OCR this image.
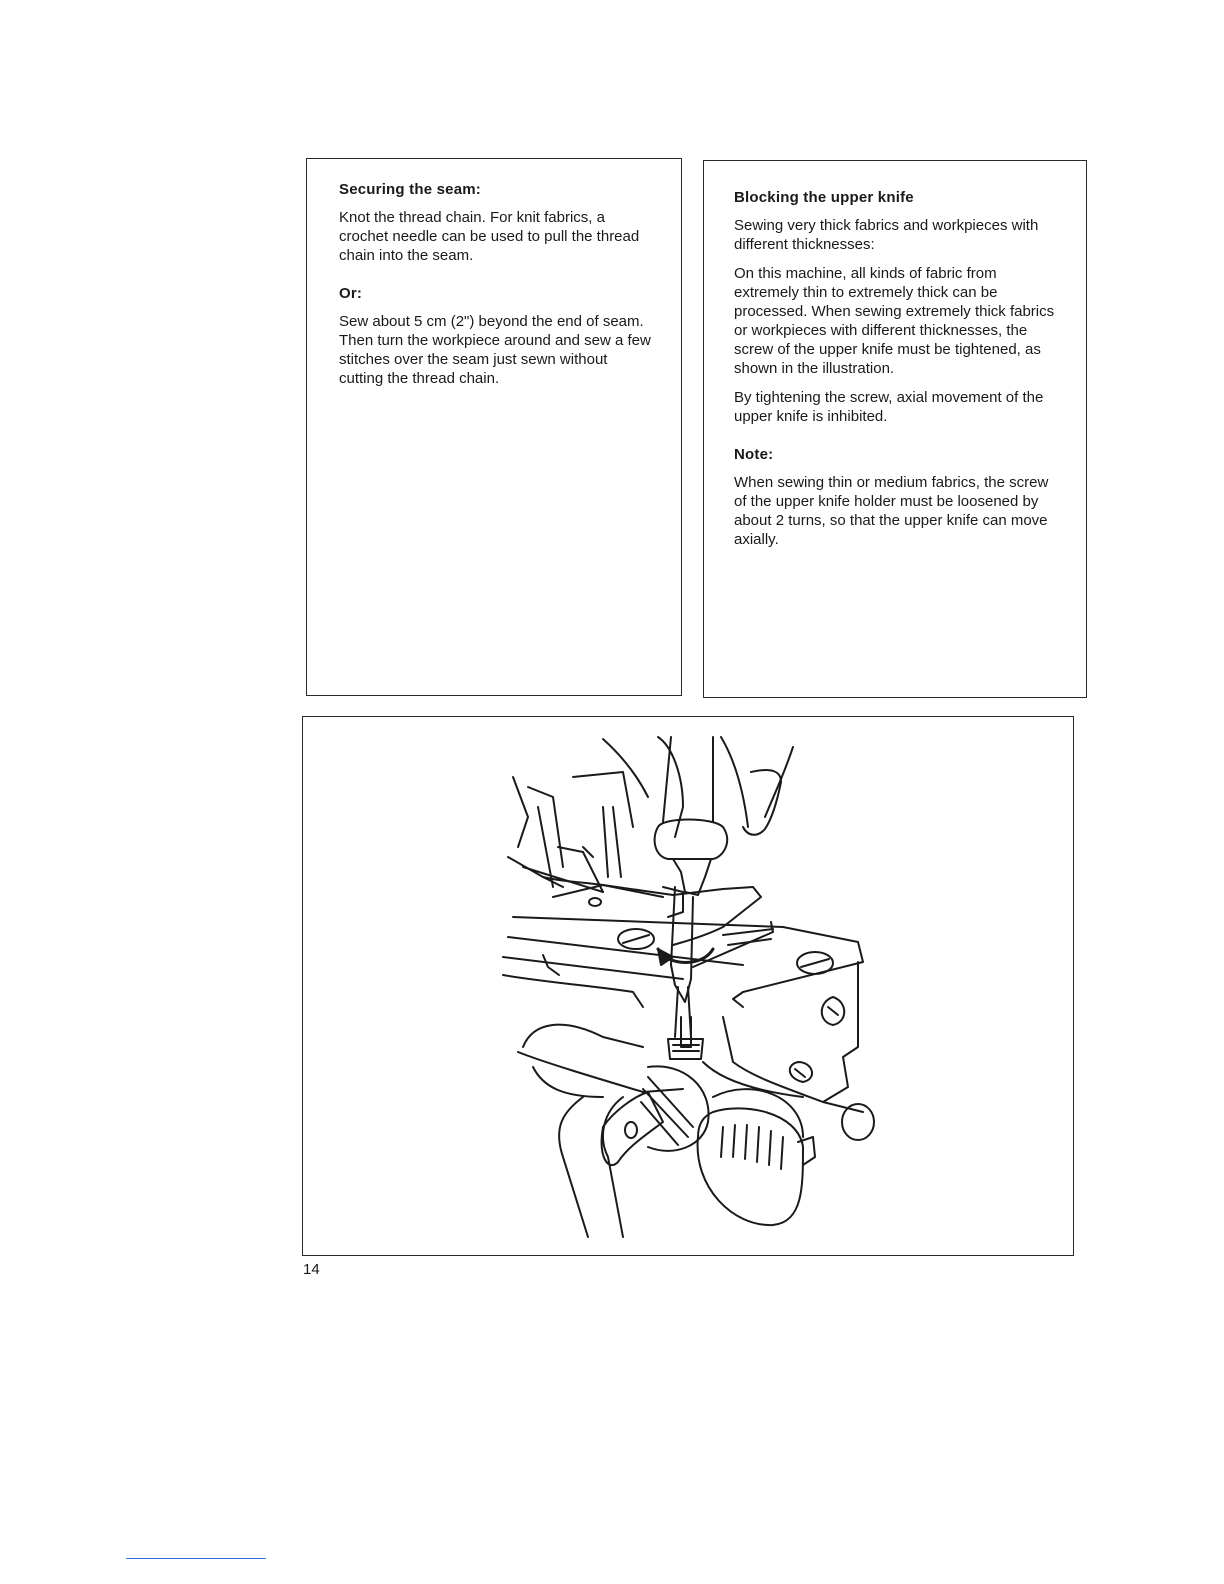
Securing the seam:

Knot the thread chain. For knit fabrics, a crochet needle can be used to pull the thread chain into the seam.

Or:

Sew about 5 cm (2") beyond the end of seam. Then turn the workpiece around and sew a few stitches over the seam just sewn without cutting the thread chain.

Blocking the upper knife

Sewing very thick fabrics and workpieces with different thicknesses:

On this machine, all kinds of fabric from extremely thin to extremely thick can be processed. When sewing extremely thick fabrics or workpieces with different thicknesses, the screw of the upper knife must be tightened, as shown in the illustration.

By tightening the screw, axial movement of the upper knife is inhibited.

Note:

When sewing thin or medium fabrics, the screw of the upper knife holder must be loosened by about 2 turns, so that the upper knife can move axially.

14
